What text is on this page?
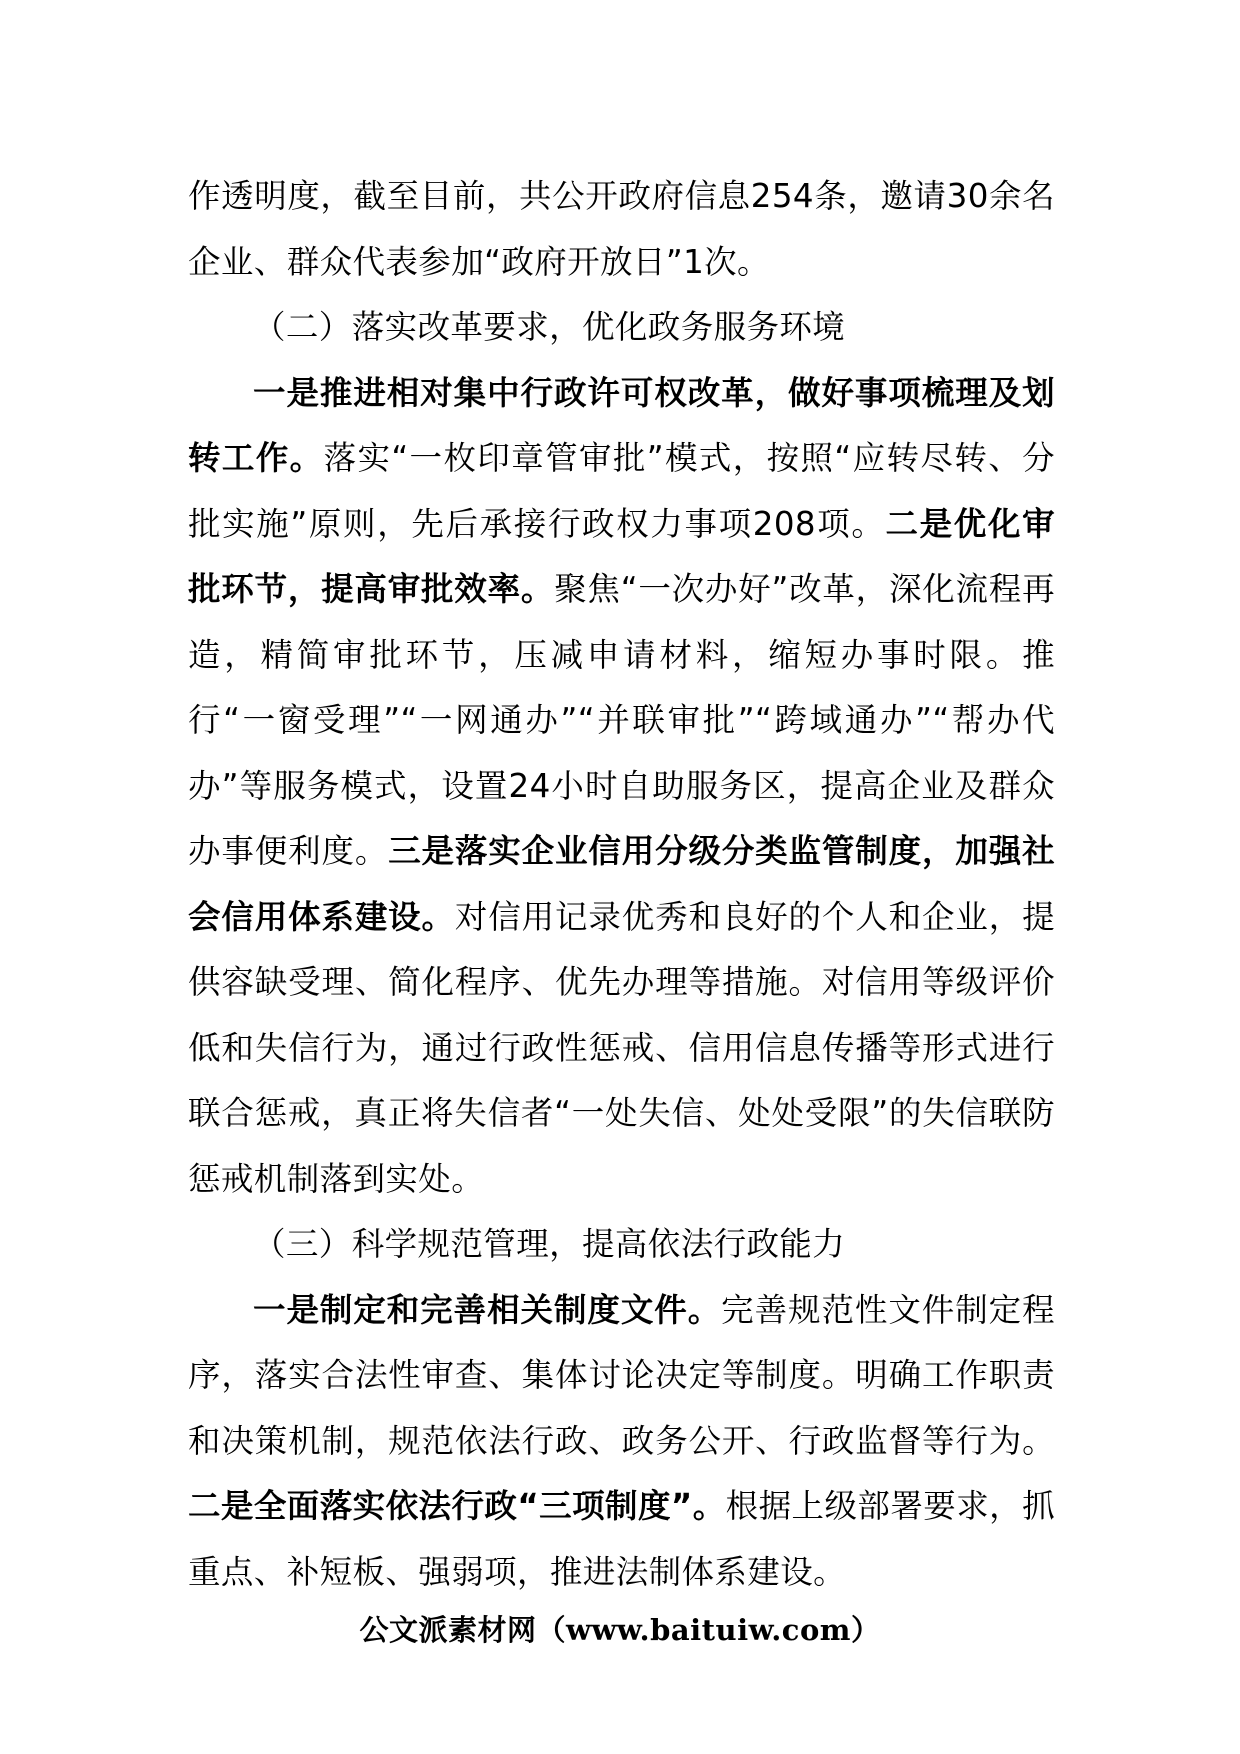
作透明度，截至目前，共公开政府信息254条，邀请30余名企业、群众代表参加“政府开放日”1次。

（二）落实改革要求，优化政务服务环境

一是推进相对集中行政许可权改革，做好事项梳理及划转工作。落实“一枚印章管审批”模式，按照“应转尽转、分批实施”原则，先后承接行政权力事项208项。二是优化审批环节，提高审批效率。聚焦“一次办好”改革，深化流程再造，精简审批环节，压减申请材料，缩短办事时限。推行“一窗受理”“一网通办”“并联审批”“跨域通办”“帮办代办”等服务模式，设置24小时自助服务区，提高企业及群众办事便利度。三是落实企业信用分级分类监管制度，加强社会信用体系建设。对信用记录优秀和良好的个人和企业，提供容缺受理、简化程序、优先办理等措施。对信用等级评价低和失信行为，通过行政性惩戒、信用信息传播等形式进行联合惩戒，真正将失信者“一处失信、处处受限”的失信联防惩戒机制落到实处。

（三）科学规范管理，提高依法行政能力

一是制定和完善相关制度文件。完善规范性文件制定程序，落实合法性审查、集体讨论决定等制度。明确工作职责和决策机制，规范依法行政、政务公开、行政监督等行为。二是全面落实依法行政“三项制度”。根据上级部署要求，抓重点、补短板、强弱项，推进法制体系建设。

公文派素材网（www.baituiw.com）
